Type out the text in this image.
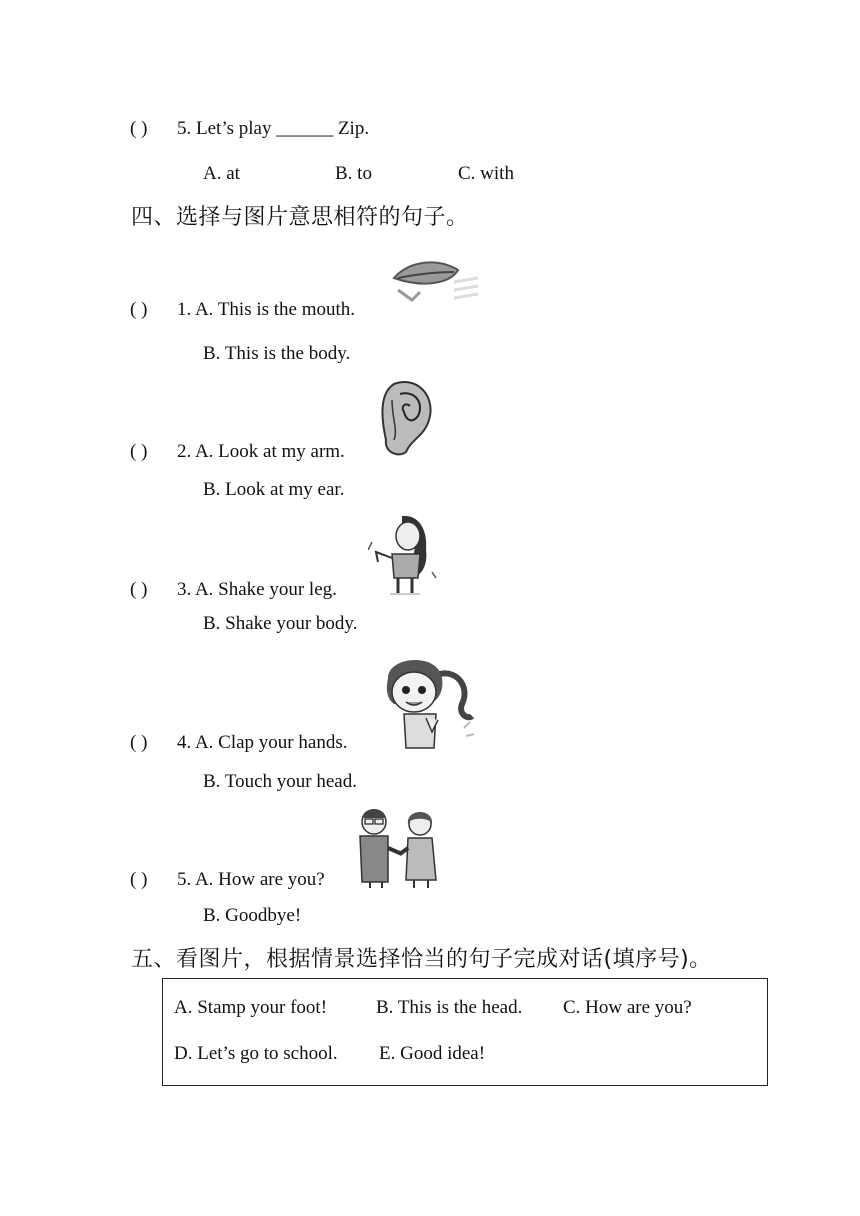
( ) 5. Let’s play ______ Zip.
A. at	B. to	C. with
四、选择与图片意思相符的句子。
( ) 1. A. This is the mouth.
B. This is the body.
( ) 2. A. Look at my arm.
B. Look at my ear.
( ) 3. A. Shake your leg.
B. Shake your body.
( ) 4. A. Clap your hands.
B. Touch your head.
( ) 5. A. How are you?
B. Goodbye!
五、看图片，根据情景选择恰当的句子完成对话(填序号)。
A. Stamp your foot!	B. This is the head. C. How are you?
D. Let’s go to school. E. Good idea!
